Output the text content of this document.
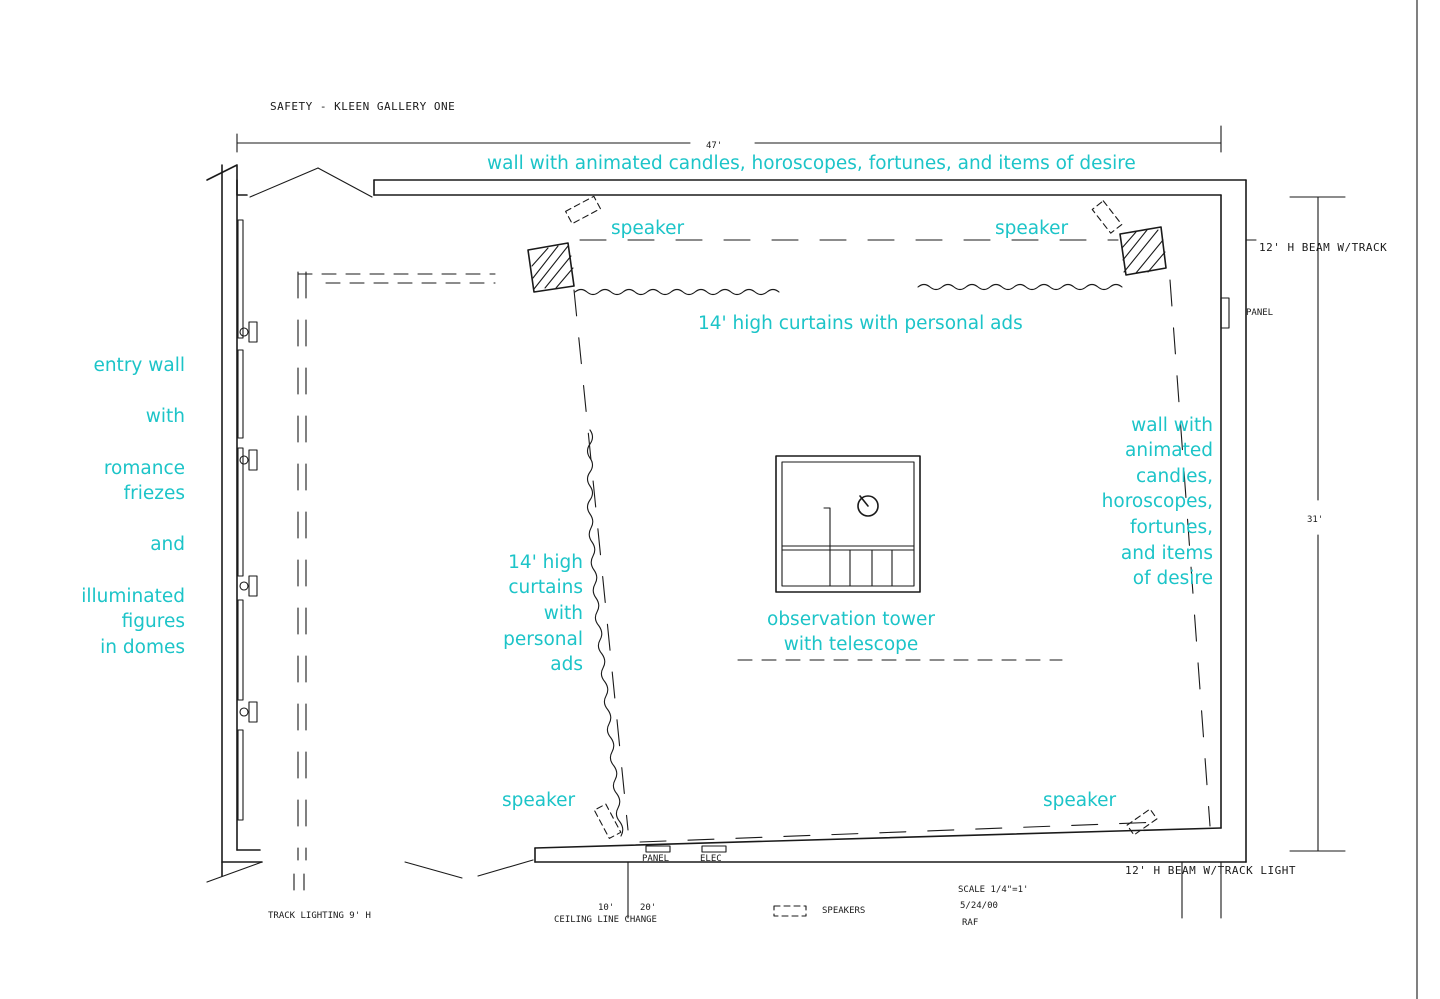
SAFETY - KLEEN GALLERY ONE
47'
31'
PANEL	ELEC
12' H BEAM W/TRACK
PANEL
12' H BEAM W/TRACK LIGHT
TRACK LIGHTING 9' H
10'	20'
CEILING LINE CHANGE
SPEAKERS
SCALE 1/4"=1'
5/24/00
RAF
wall with animated candles, horoscopes, fortunes, and items of desire
speaker	speaker
14' high curtains with personal ads
entry wall
with
romance
friezes
and
illuminated
figures
in domes
wall with
animated
candles,
horoscopes,
fortunes,
and items
of desire
14' high
curtains
with
personal
ads
observation tower
with telescope
speaker	speaker
